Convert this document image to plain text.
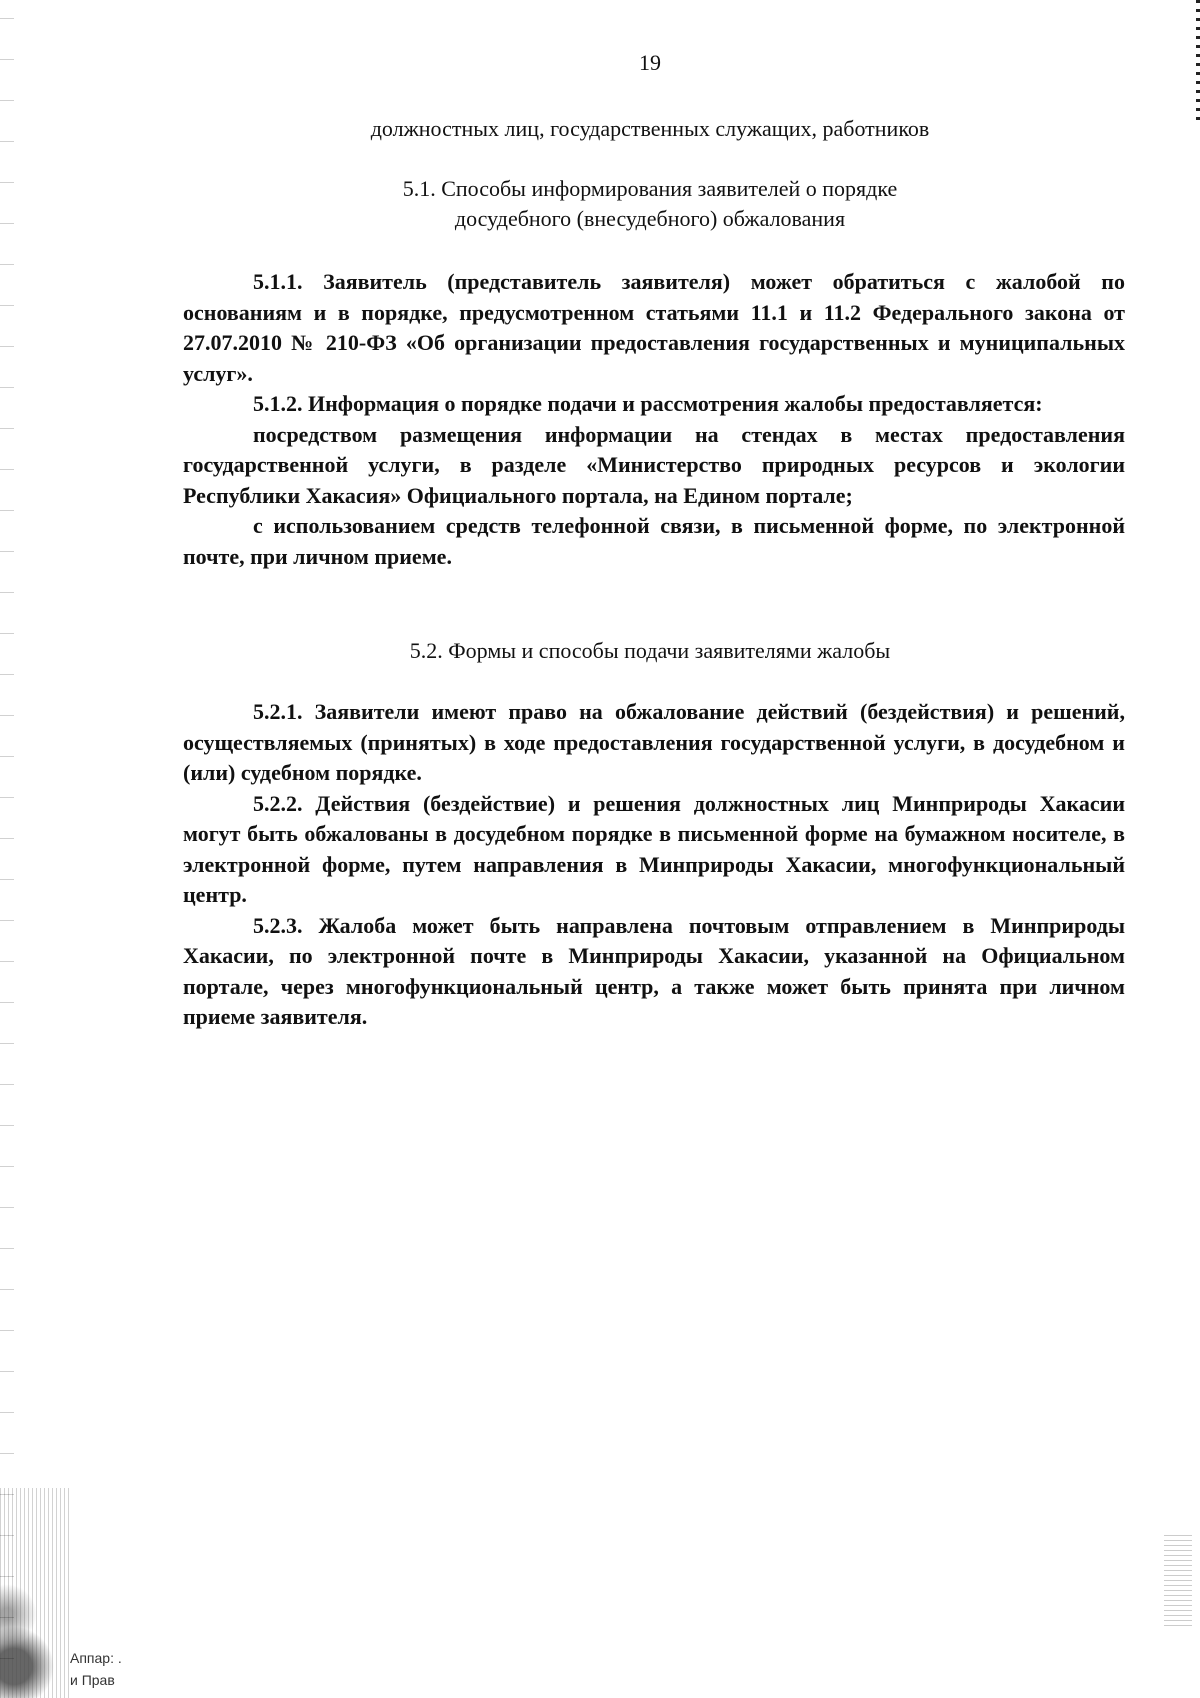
19
должностных лиц, государственных служащих, работников
5.1. Способы информирования заявителей о порядке
досудебного (внесудебного) обжалования

5.1.1. Заявитель (представитель заявителя) может обратиться с жалобой по основаниям и в порядке, предусмотренном статьями 11.1 и 11.2 Федерального закона от 27.07.2010 № 210-ФЗ «Об организации предоставления государственных и муниципальных услуг».

5.1.2. Информация о порядке подачи и рассмотрения жалобы предоставляется:

посредством размещения информации на стендах в местах предоставления государственной услуги, в разделе «Министерство природных ресурсов и экологии Республики Хакасия» Официального портала, на Едином портале;

с использованием средств телефонной связи, в письменной форме, по электронной почте, при личном приеме.

5.2. Формы и способы подачи заявителями жалобы

5.2.1. Заявители имеют право на обжалование действий (бездействия) и решений, осуществляемых (принятых) в ходе предоставления государственной услуги, в досудебном и (или) судебном порядке.

5.2.2. Действия (бездействие) и решения должностных лиц Минприроды Хакасии могут быть обжалованы в досудебном порядке в письменной форме на бумажном носителе, в электронной форме, путем направления в Минприроды Хакасии, многофункциональный центр.

5.2.3. Жалоба может быть направлена почтовым отправлением в Минприроды Хакасии, по электронной почте в Минприроды Хакасии, указанной на Официальном портале, через многофункциональный центр, а также может быть принята при личном приеме заявителя.

Аппар: .
и Прав
